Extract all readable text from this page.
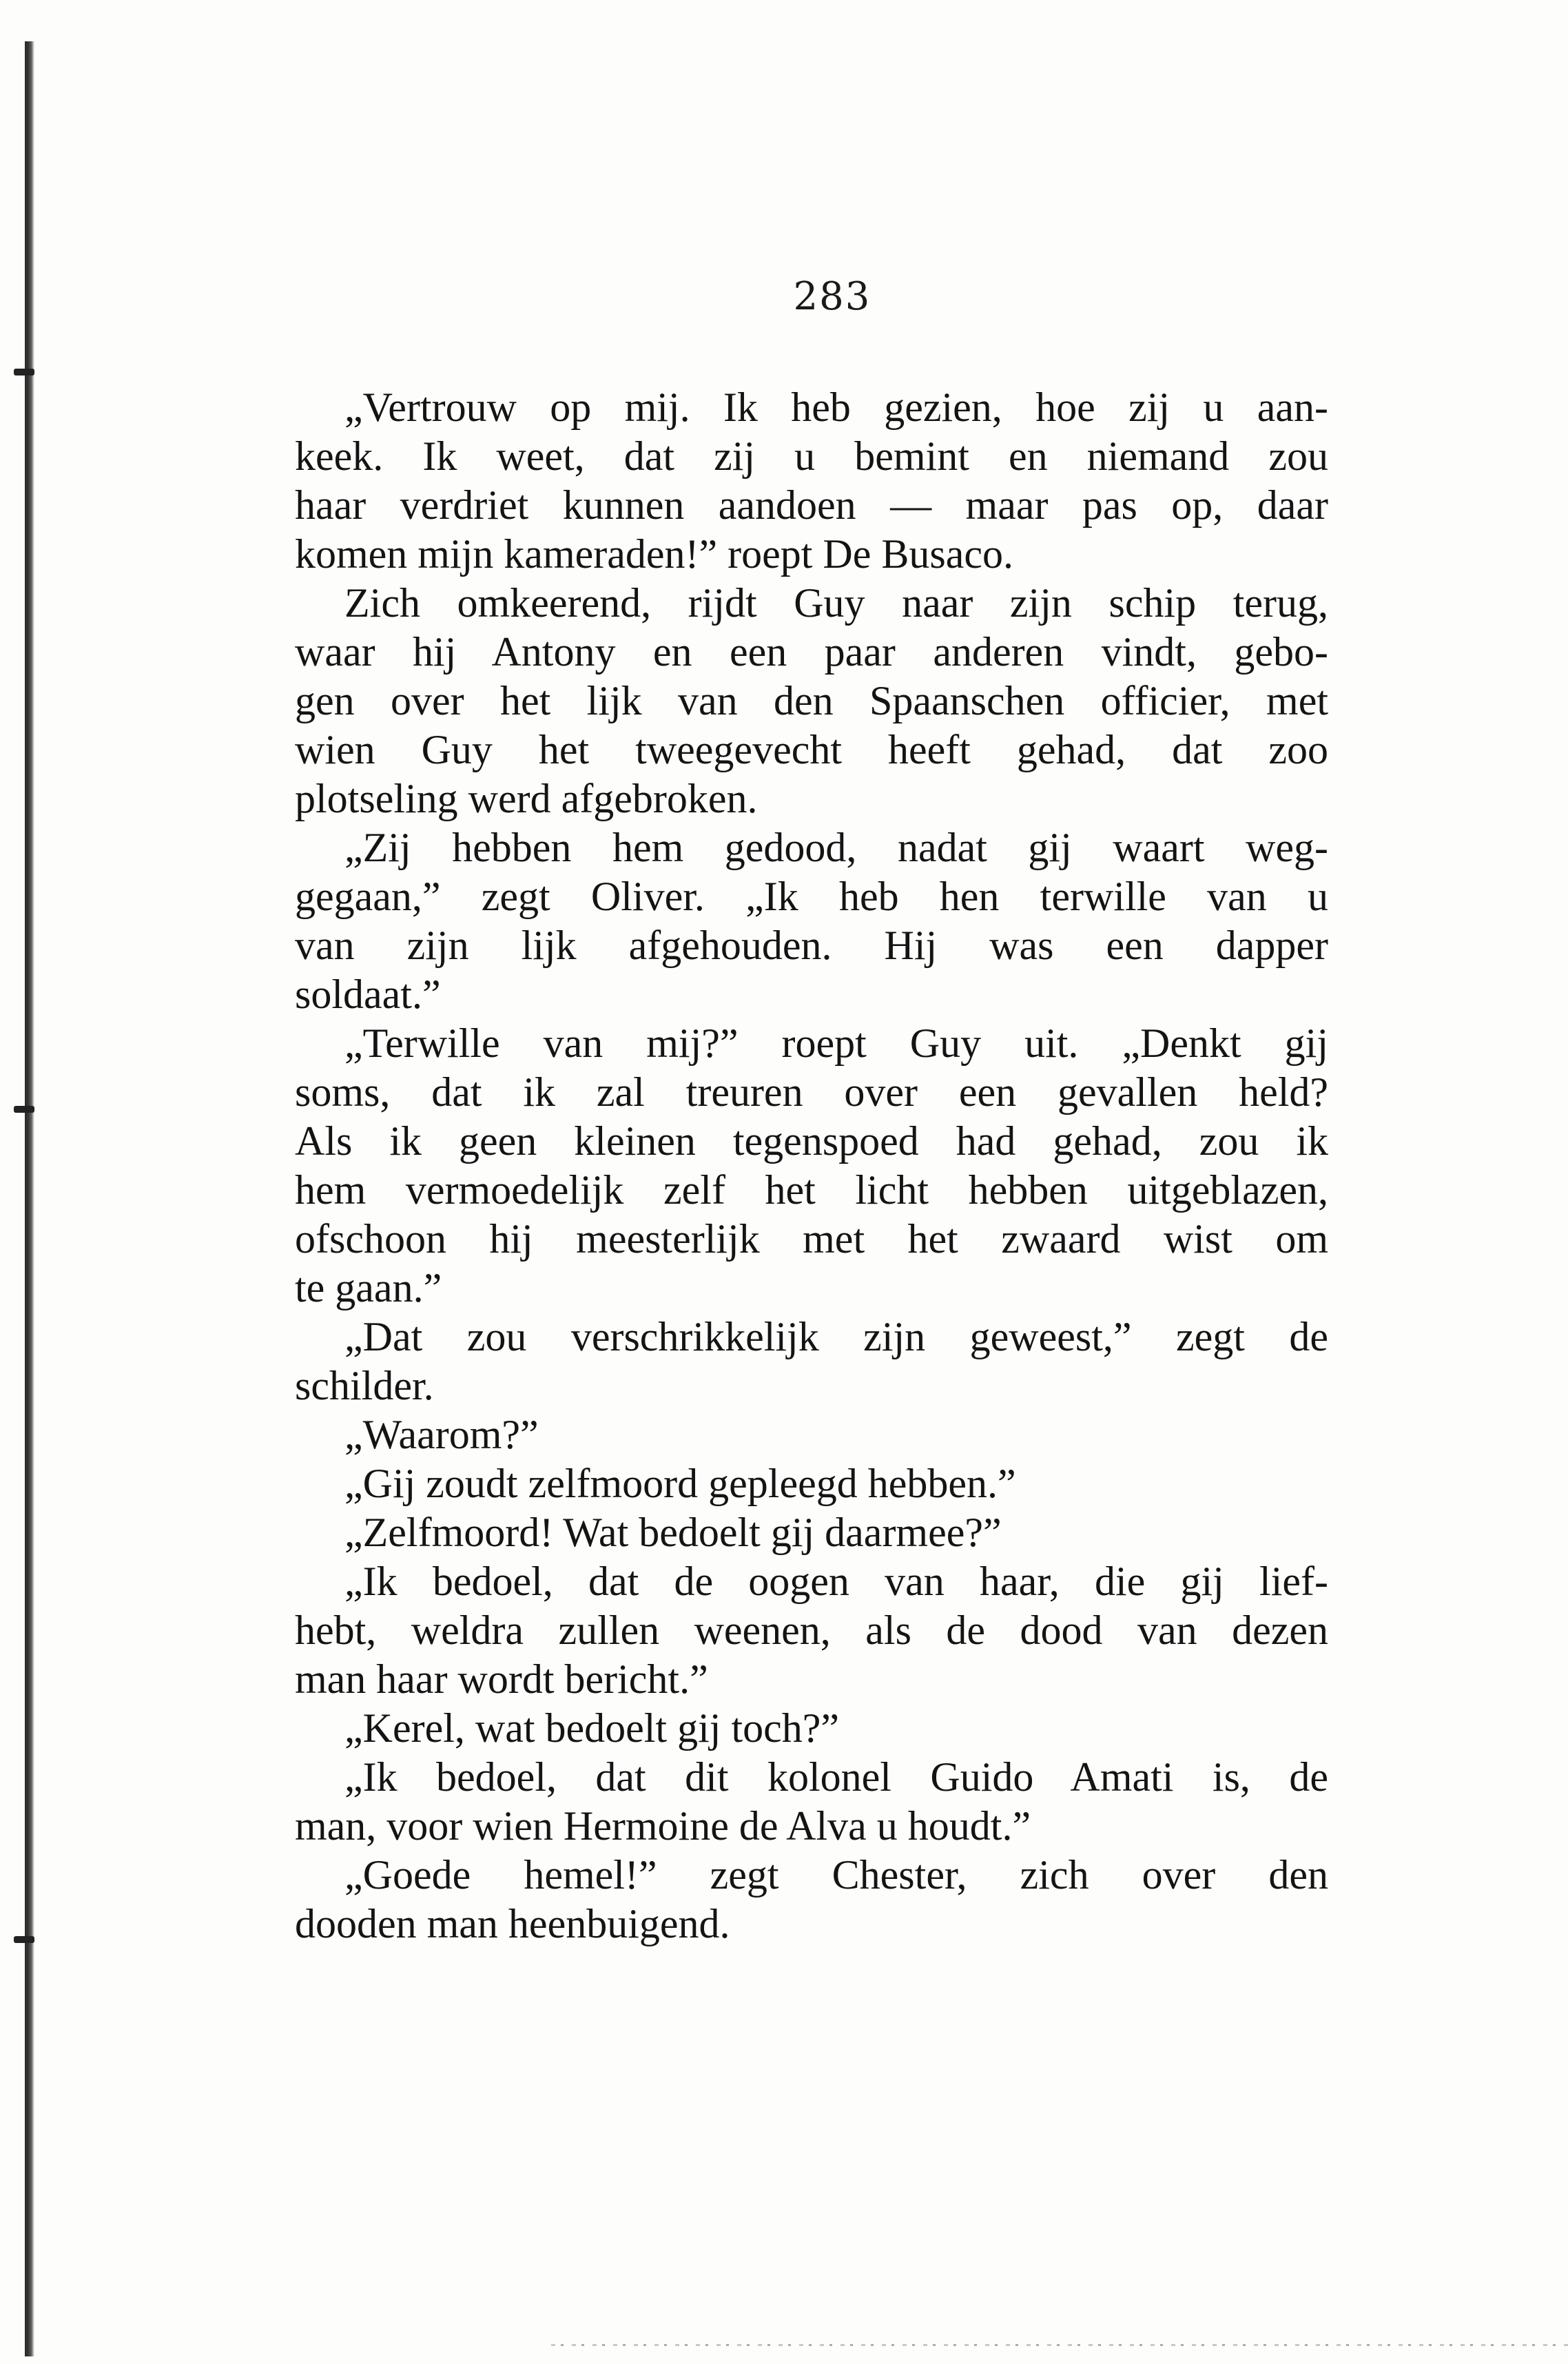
283

„Vertrouw op mij. Ik heb gezien, hoe zij u aan-
keek. Ik weet, dat zij u bemint en niemand zou
haar verdriet kunnen aandoen — maar pas op, daar
komen mijn kameraden!” roept De Busaco.

Zich omkeerend, rijdt Guy naar zijn schip terug,
waar hij Antony en een paar anderen vindt, gebo-
gen over het lijk van den Spaanschen officier, met
wien Guy het tweegevecht heeft gehad, dat zoo
plotseling werd afgebroken.

„Zij hebben hem gedood, nadat gij waart weg-
gegaan,” zegt Oliver. „Ik heb hen terwille van u
van zijn lijk afgehouden. Hij was een dapper
soldaat.”

„Terwille van mij?” roept Guy uit. „Denkt gij
soms, dat ik zal treuren over een gevallen held?
Als ik geen kleinen tegenspoed had gehad, zou ik
hem vermoedelijk zelf het licht hebben uitgeblazen,
ofschoon hij meesterlijk met het zwaard wist om
te gaan.”

„Dat zou verschrikkelijk zijn geweest,” zegt de
schilder.

„Waarom?”

„Gij zoudt zelfmoord gepleegd hebben.”

„Zelfmoord! Wat bedoelt gij daarmee?”

„Ik bedoel, dat de oogen van haar, die gij lief-
hebt, weldra zullen weenen, als de dood van dezen
man haar wordt bericht.”

„Kerel, wat bedoelt gij toch?”

„Ik bedoel, dat dit kolonel Guido Amati is, de
man, voor wien Hermoine de Alva u houdt.”

„Goede hemel!” zegt Chester, zich over den
dooden man heenbuigend.
